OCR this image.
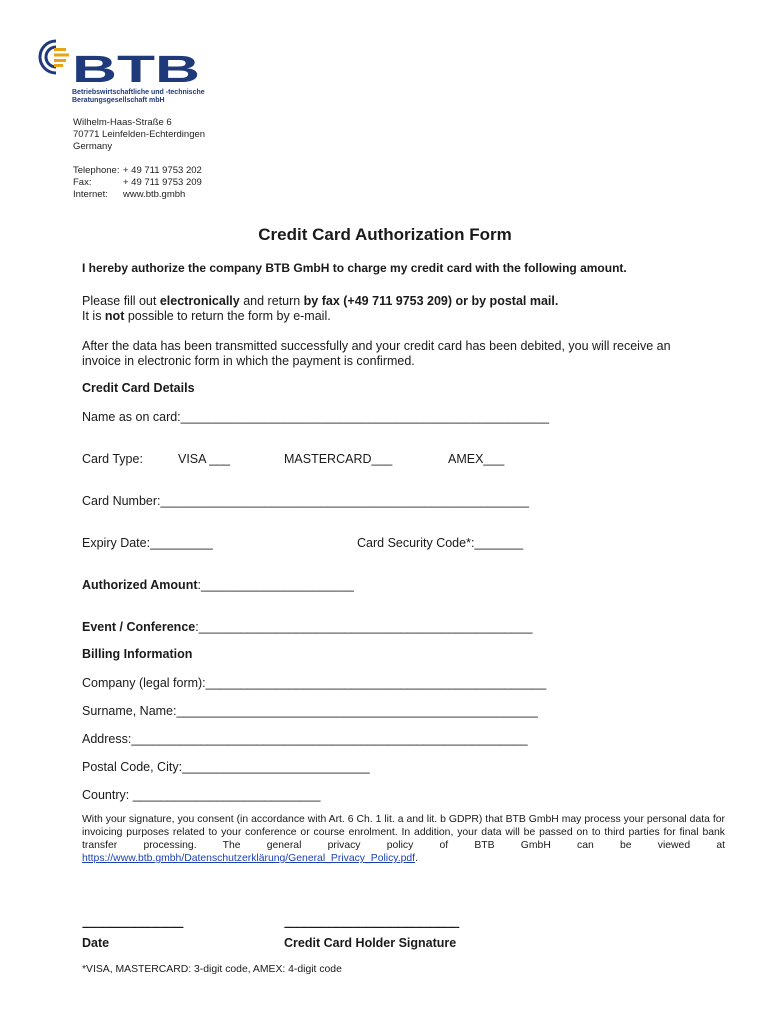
BTB
Betriebswirtschaftliche und -technische
Beratungsgesellschaft mbH
Wilhelm-Haas-Straße 6
70771 Leinfelden-Echterdingen
Germany
Telephone: + 49 711 9753 202
Fax:	+ 49 711 9753 209
Internet: www.btb.gmbh
Credit Card Authorization Form
I hereby authorize the company BTB GmbH to charge my credit card with the following amount.
Please fill out electronically and return by fax (+49 711 9753 209) or by postal mail.
It is not possible to return the form by e-mail.
After the data has been transmitted successfully and your credit card has been debited, you will receive an
invoice in electronic form in which the payment is confirmed.
Credit Card Details
Name as on card:_____________________________________________________
Card Type:	VISA ___	MASTERCARD___	AMEX___
Card Number:_____________________________________________________
Expiry Date:_________	Card Security Code*:_______
Authorized Amount:______________________
Event / Conference:________________________________________________
Billing Information
Company (legal form):_________________________________________________
Surname, Name:____________________________________________________
Address:_________________________________________________________
Postal Code, City:___________________________
Country: ___________________________
With your signature, you consent (in accordance with Art. 6 Ch. 1 lit. a and lit. b GDPR) that BTB GmbH may process your personal data for invoicing purposes related to your conference or course enrolment. In addition, your data will be passed on to third parties for final bank transfer processing. The general privacy policy of BTB GmbH can be viewed at https://www.btb.gmbh/Datenschutzerklärung/General_Privacy_Policy.pdf.
-----------------------------------------
Date
-----------------------------------------------------------------------
Credit Card Holder Signature
*VISA, MASTERCARD: 3-digit code, AMEX: 4-digit code
